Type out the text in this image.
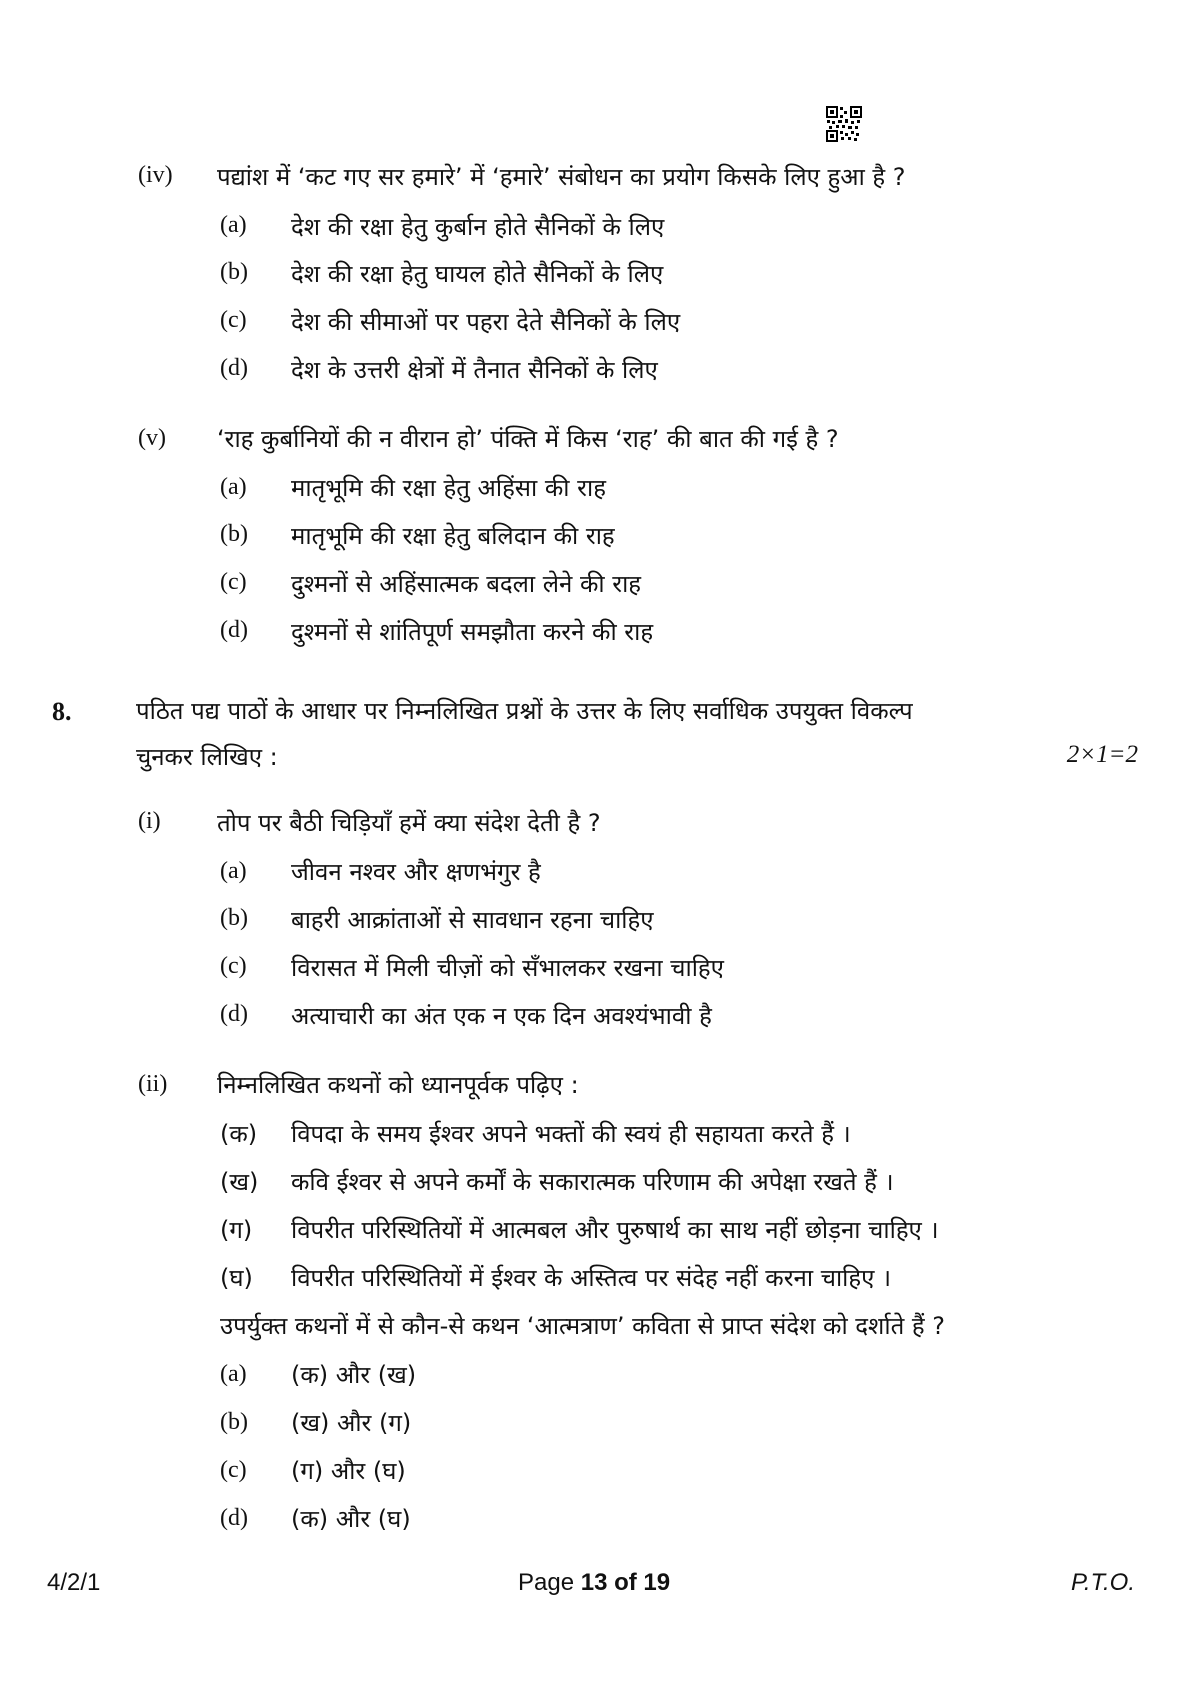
(iv) पद्यांश में ‘कट गए सर हमारे’ में ‘हमारे’ संबोधन का प्रयोग किसके लिए हुआ है ?
(a) देश की रक्षा हेतु कुर्बान होते सैनिकों के लिए
(b) देश की रक्षा हेतु घायल होते सैनिकों के लिए
(c) देश की सीमाओं पर पहरा देते सैनिकों के लिए
(d) देश के उत्तरी क्षेत्रों में तैनात सैनिकों के लिए
(v) ‘राह कुर्बानियों की न वीरान हो’ पंक्ति में किस ‘राह’ की बात की गई है ?
(a) मातृभूमि की रक्षा हेतु अहिंसा की राह
(b) मातृभूमि की रक्षा हेतु बलिदान की राह
(c) दुश्मनों से अहिंसात्मक बदला लेने की राह
(d) दुश्मनों से शांतिपूर्ण समझौता करने की राह
8.	पठित पद्य पाठों के आधार पर निम्नलिखित प्रश्नों के उत्तर के लिए सर्वाधिक उपयुक्त विकल्प
चुनकर लिखिए :	2×1=2
(i) तोप पर बैठी चिड़ियाँ हमें क्या संदेश देती है ?
(a) जीवन नश्वर और क्षणभंगुर है
(b) बाहरी आक्रांताओं से सावधान रहना चाहिए
(c) विरासत में मिली चीज़ों को सँभालकर रखना चाहिए
(d) अत्याचारी का अंत एक न एक दिन अवश्यंभावी है
(ii) निम्नलिखित कथनों को ध्यानपूर्वक पढ़िए :
(क) विपदा के समय ईश्वर अपने भक्तों की स्वयं ही सहायता करते हैं ।
(ख) कवि ईश्वर से अपने कर्मों के सकारात्मक परिणाम की अपेक्षा रखते हैं ।
(ग) विपरीत परिस्थितियों में आत्मबल और पुरुषार्थ का साथ नहीं छोड़ना चाहिए ।
(घ) विपरीत परिस्थितियों में ईश्वर के अस्तित्व पर संदेह नहीं करना चाहिए ।
उपर्युक्त कथनों में से कौन-से कथन ‘आत्मत्राण’ कविता से प्राप्त संदेश को दर्शाते हैं ?
(a) (क) और (ख)
(b) (ख) और (ग)
(c) (ग) और (घ)
(d) (क) और (घ)
4/2/1	Page 13 of 19	P.T.O.
